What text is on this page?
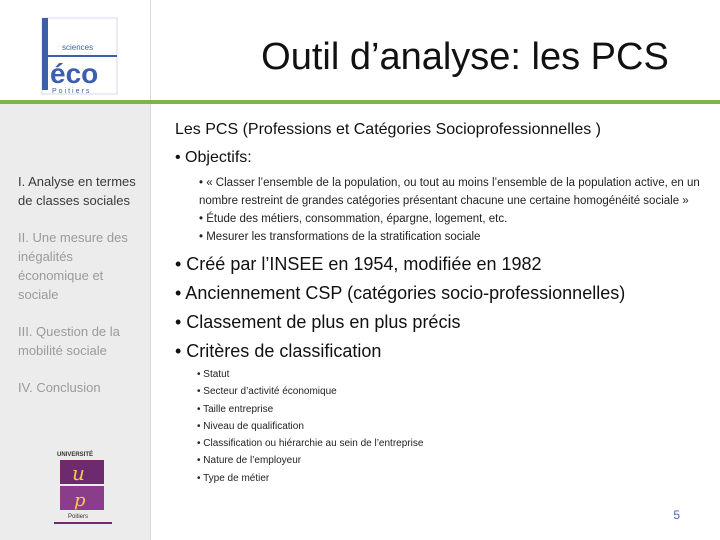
sciences
éco
Poitiers
I. Analyse en termes de classes sociales
II. Une mesure des inégalités économique et sociale
III. Question de la mobilité sociale
IV. Conclusion
UNIVERSITÉ
u
p
Poitiers
Outil d’analyse: les PCS

Les PCS (Professions et Catégories Socioprofessionnelles )

• Objectifs:

• « Classer l’ensemble de la population, ou tout au moins l’ensemble de la population active, en un nombre restreint de grandes catégories présentant chacune une certaine homogénéité sociale »
• Étude des métiers, consommation, épargne, logement, etc.
• Mesurer les transformations de la stratification sociale

• Créé par l’INSEE en 1954, modifiée en 1982

• Anciennement CSP (catégories socio-professionnelles)

• Classement de plus en plus précis

• Critères de classification

• Statut
• Secteur d’activité économique
• Taille entreprise
• Niveau de qualification
• Classification ou hiérarchie au sein de l’entreprise
• Nature de l’employeur
• Type de métier
5
